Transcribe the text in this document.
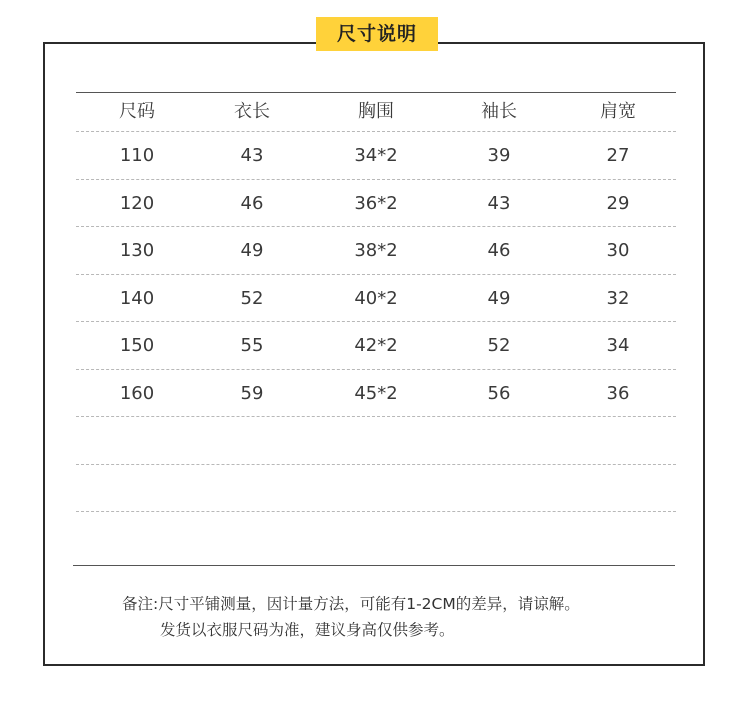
尺寸说明
尺码	衣长	胸围	袖长	肩宽
110	43	34*2	39	27
120	46	36*2	43	29
130	49	38*2	46	30
140	52	40*2	49	32
150	55	42*2	52	34
160	59	45*2	56	36
备注:尺寸平铺测量，因计量方法，可能有1-2CM的差异，请谅解。
发货以衣服尺码为准，建议身高仅供参考。
